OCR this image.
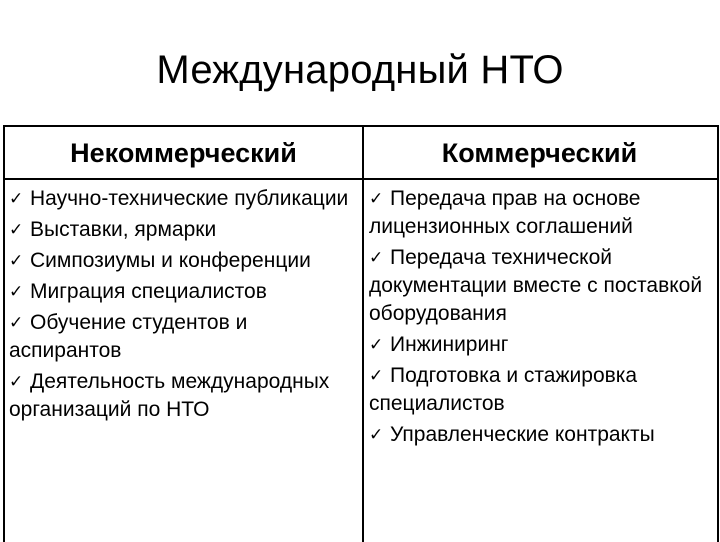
Международный НТО
Некоммерческий	Коммерческий
✓ Научно-технические публикации
✓ Выставки, ярмарки
✓ Симпозиумы и конференции
✓ Миграция специалистов
✓ Обучение студентов и аспирантов
✓ Деятельность международных организаций по НТО
✓ Передача прав на основе лицензионных соглашений
✓ Передача технической документации вместе с поставкой оборудования
✓ Инжиниринг
✓ Подготовка и стажировка специалистов
✓ Управленческие контракты
